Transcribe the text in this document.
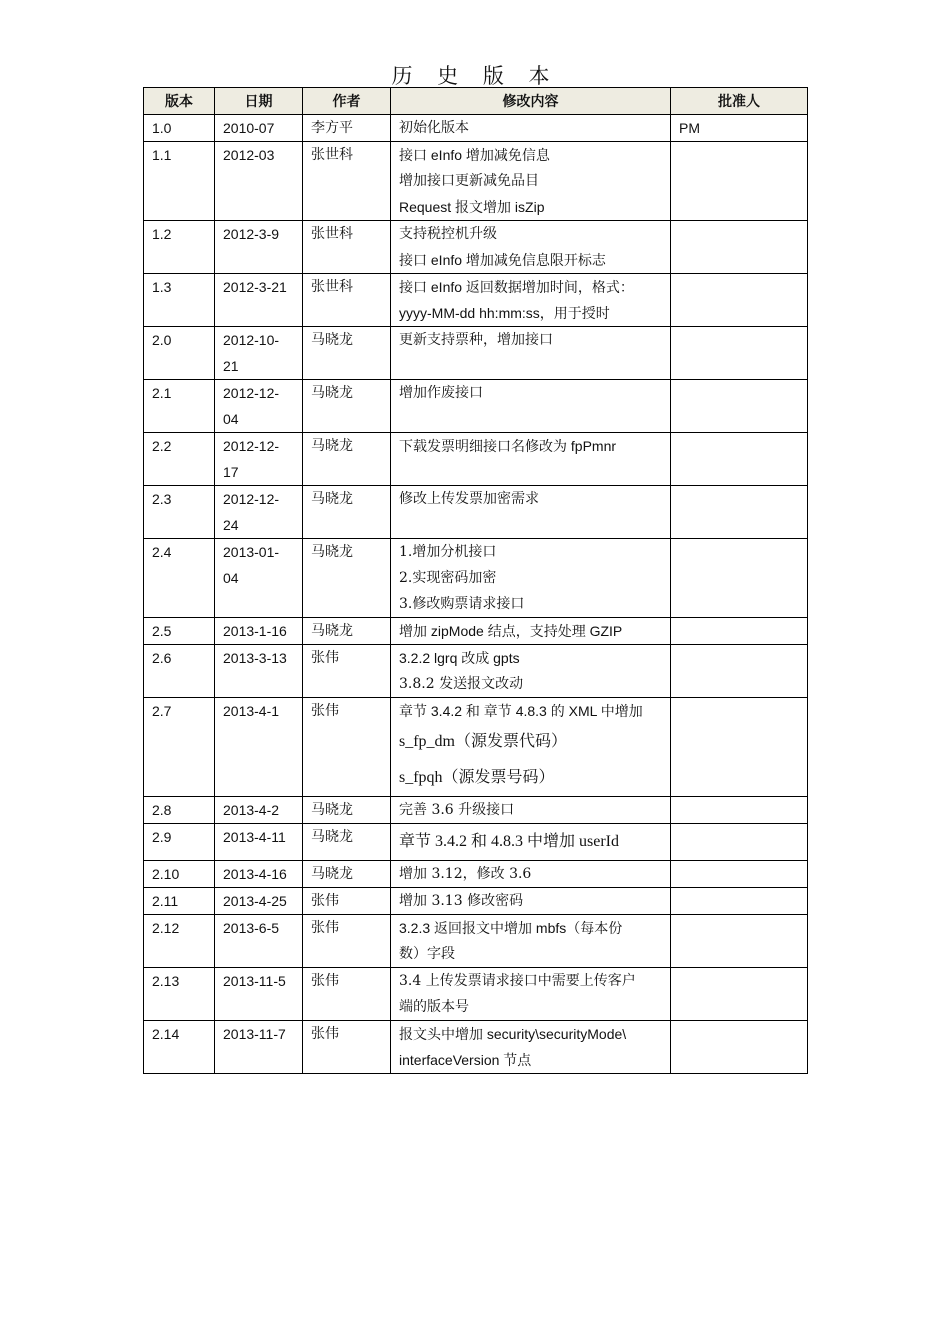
历 史 版 本
版本	日期	作者	修改内容	批准人
1.0	2010-07	李方平	初始化版本	PM
1.1	2012-03	张世科	接口 eInfo 增加减免信息
增加接口更新减免品目
Request 报文增加 isZip	

1.2	2012-3-9	张世科	支持税控机升级
接口 eInfo 增加减免信息限开标志	

1.3	2012-3-21	张世科	接口 eInfo 返回数据增加时间，格式：
yyyy-MM-dd hh:mm:ss，用于授时	

2.0	2012-10-21	马晓龙	更新支持票种，增加接口	

2.1	2012-12-04	马晓龙	增加作废接口	

2.2	2012-12-17	马晓龙	下载发票明细接口名修改为 fpPmnr	

2.3	2012-12-24	马晓龙	修改上传发票加密需求	

2.4	2013-01-04	马晓龙	1.增加分机接口
2.实现密码加密
3.修改购票请求接口	

2.5	2013-1-16	马晓龙	增加 zipMode 结点，支持处理 GZIP	

2.6	2013-3-13	张伟	3.2.2 lgrq 改成 gpts
3.8.2 发送报文改动	

2.7	2013-4-1	张伟	章节 3.4.2 和 章节 4.8.3 的 XML 中增加
s_fp_dm（源发票代码）
s_fpqh（源发票号码）	

2.8	2013-4-2	马晓龙	完善 3.6 升级接口	

2.9	2013-4-11	马晓龙	章节 3.4.2 和 4.8.3 中增加 userId	

2.10	2013-4-16	马晓龙	增加 3.12，修改 3.6	

2.11	2013-4-25	张伟	增加 3.13 修改密码	

2.12	2013-6-5	张伟	3.2.3 返回报文中增加 mbfs（每本份
数）字段	

2.13	2013-11-5	张伟	3.4 上传发票请求接口中需要上传客户
端的版本号	

2.14	2013-11-7	张伟	报文头中增加 security\securityMode\
interfaceVersion 节点	
